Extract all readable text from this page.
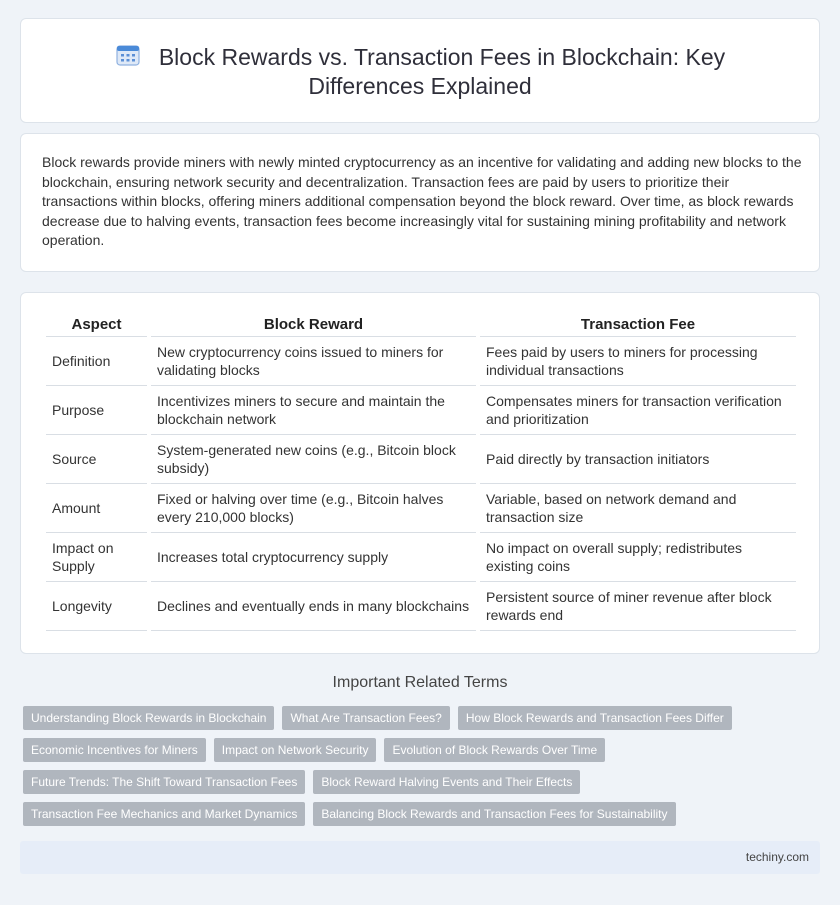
Block Rewards vs. Transaction Fees in Blockchain: Key
Differences Explained

Block rewards provide miners with newly minted cryptocurrency as an incentive for validating and adding new blocks to the blockchain, ensuring network security and decentralization. Transaction fees are paid by users to prioritize their transactions within blocks, offering miners additional compensation beyond the block reward. Over time, as block rewards decrease due to halving events, transaction fees become increasingly vital for sustaining mining profitability and network operation.

Aspect	Block Reward	Transaction Fee
Definition	New cryptocurrency coins issued to miners for validating blocks	Fees paid by users to miners for processing individual transactions
Purpose	Incentivizes miners to secure and maintain the blockchain network	Compensates miners for transaction verification and prioritization
Source	System-generated new coins (e.g., Bitcoin block subsidy)	Paid directly by transaction initiators
Amount	Fixed or halving over time (e.g., Bitcoin halves every 210,000 blocks)	Variable, based on network demand and transaction size
Impact on Supply	Increases total cryptocurrency supply	No impact on overall supply; redistributes existing coins
Longevity	Declines and eventually ends in many blockchains	Persistent source of miner revenue after block rewards end
Important Related Terms
Understanding Block Rewards in Blockchain	What Are Transaction Fees?	How Block Rewards and Transaction Fees Differ
Economic Incentives for Miners	Impact on Network Security	Evolution of Block Rewards Over Time
Future Trends: The Shift Toward Transaction Fees	Block Reward Halving Events and Their Effects
Transaction Fee Mechanics and Market Dynamics	Balancing Block Rewards and Transaction Fees for Sustainability
techiny.com
